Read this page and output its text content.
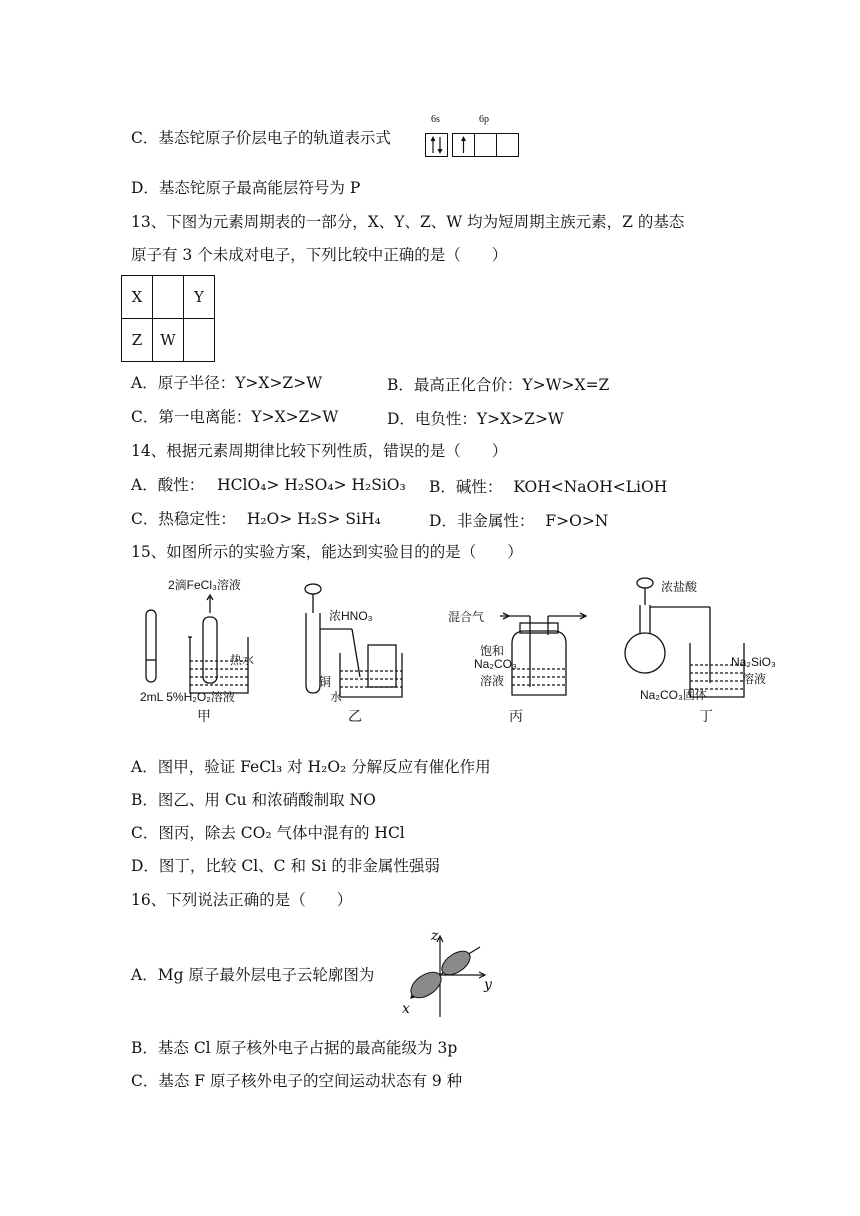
C．基态铊原子价层电子的轨道表示式
6s	6p
D．基态铊原子最高能层符号为 P
13、下图为元素周期表的一部分，X、Y、Z、W 均为短周期主族元素，Z 的基态
原子有 3 个未成对电子，下列比较中正确的是（　　）
X		Y
Z	W	
A．原子半径：Y>X>Z>W	B．最高正化合价：Y>W>X=Z
C．第一电离能：Y>X>Z>W	D．电负性：Y>X>Z>W
14、根据元素周期律比较下列性质，错误的是（　　）
A．酸性： HClO₄> H₂SO₄> H₂SiO₃ B．碱性： KOH<NaOH<LiOH
C．热稳定性： H₂O> H₂S> SiH₄	D．非金属性： F>O>N
15、如图所示的实验方案，能达到实验目的的是（　　）
2滴FeCl₃溶液
热水
2mL 5%H₂O₂溶液
甲
浓HNO₃
铜
水
乙
混合气
饱和
Na₂CO₃
溶液
丙
浓盐酸
Na₂SiO₃
溶液
Na₂CO₃固体
丁
A．图甲，验证 FeCl₃ 对 H₂O₂ 分解反应有催化作用
B．图乙、用 Cu 和浓硝酸制取 NO
C．图丙，除去 CO₂ 气体中混有的 HCl
D．图丁，比较 Cl、C 和 Si 的非金属性强弱
16、下列说法正确的是（　　）
A．Mg 原子最外层电子云轮廓图为
z
y
x
B．基态 Cl 原子核外电子占据的最高能级为 3p
C．基态 F 原子核外电子的空间运动状态有 9 种
